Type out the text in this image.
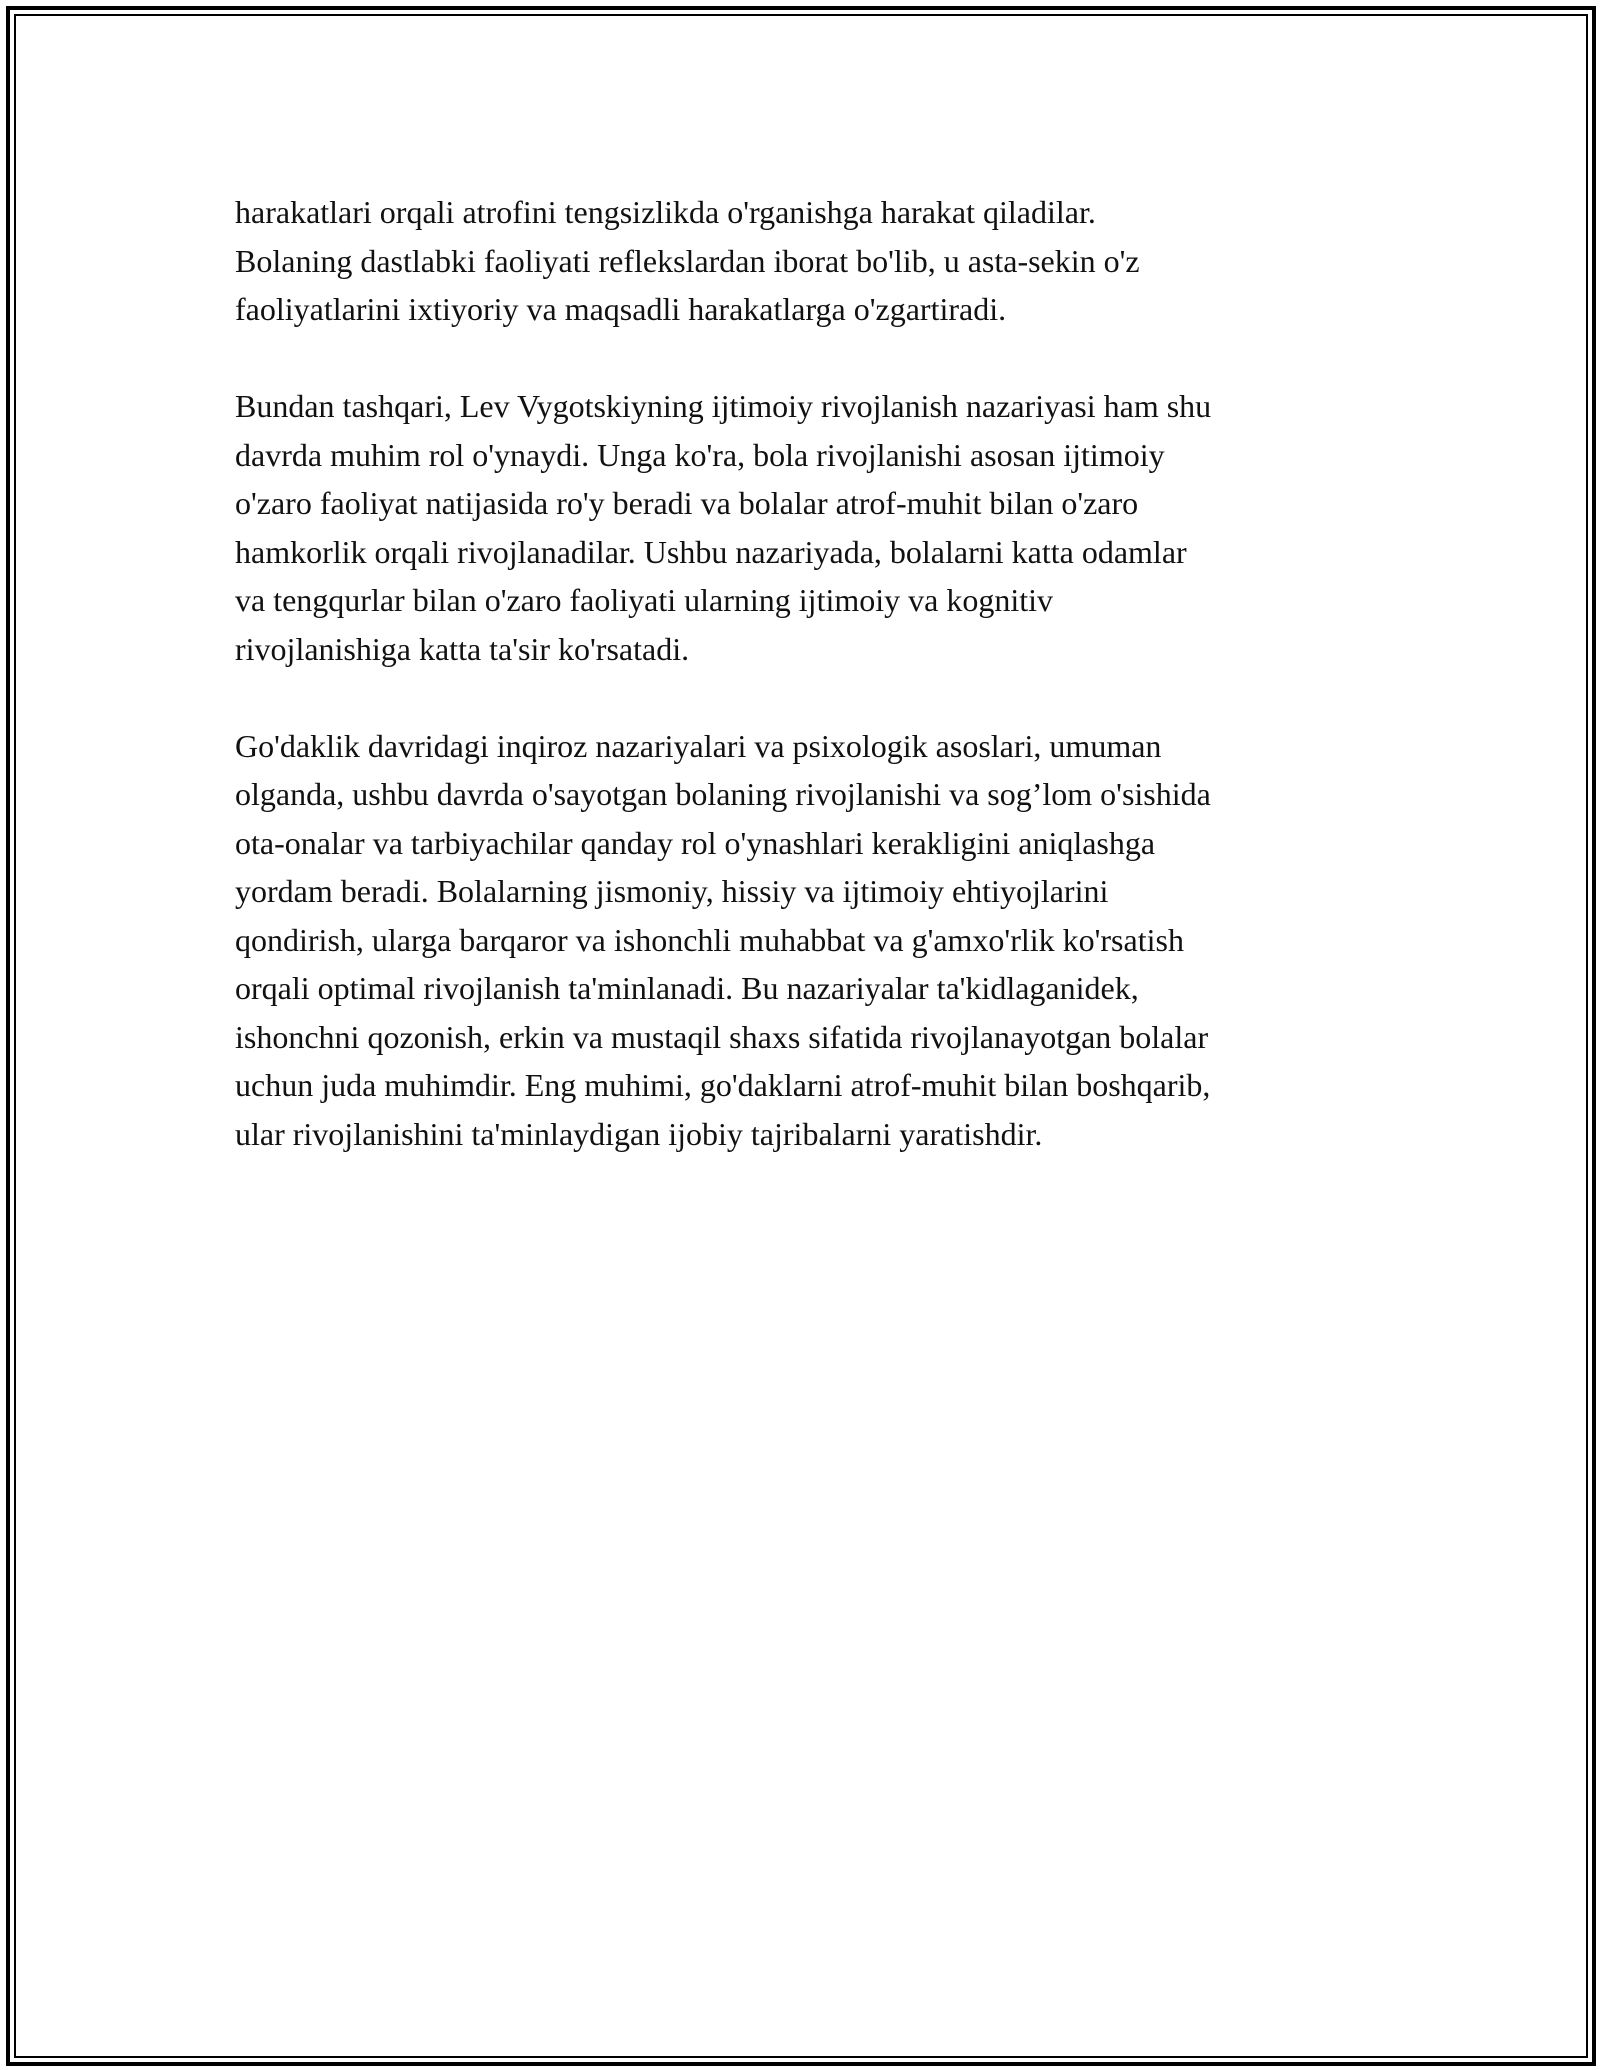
harakatlari orqali atrofini tengsizlikda o'rganishga harakat qiladilar.
Bolaning dastlabki faoliyati reflekslardan iborat bo'lib, u asta-sekin o'z
faoliyatlarini ixtiyoriy va maqsadli harakatlarga o'zgartiradi.

Bundan tashqari, Lev Vygotskiyning ijtimoiy rivojlanish nazariyasi ham shu
davrda muhim rol o'ynaydi. Unga ko'ra, bola rivojlanishi asosan ijtimoiy
o'zaro faoliyat natijasida ro'y beradi va bolalar atrof-muhit bilan o'zaro
hamkorlik orqali rivojlanadilar. Ushbu nazariyada, bolalarni katta odamlar
va tengqurlar bilan o'zaro faoliyati ularning ijtimoiy va kognitiv
rivojlanishiga katta ta'sir ko'rsatadi.

Go'daklik davridagi inqiroz nazariyalari va psixologik asoslari, umuman
olganda, ushbu davrda o'sayotgan bolaning rivojlanishi va sog’lom o'sishida
ota-onalar va tarbiyachilar qanday rol o'ynashlari kerakligini aniqlashga
yordam beradi. Bolalarning jismoniy, hissiy va ijtimoiy ehtiyojlarini
qondirish, ularga barqaror va ishonchli muhabbat va g'amxo'rlik ko'rsatish
orqali optimal rivojlanish ta'minlanadi. Bu nazariyalar ta'kidlaganidek,
ishonchni qozonish, erkin va mustaqil shaxs sifatida rivojlanayotgan bolalar
uchun juda muhimdir. Eng muhimi, go'daklarni atrof-muhit bilan boshqarib,
ular rivojlanishini ta'minlaydigan ijobiy tajribalarni yaratishdir.
